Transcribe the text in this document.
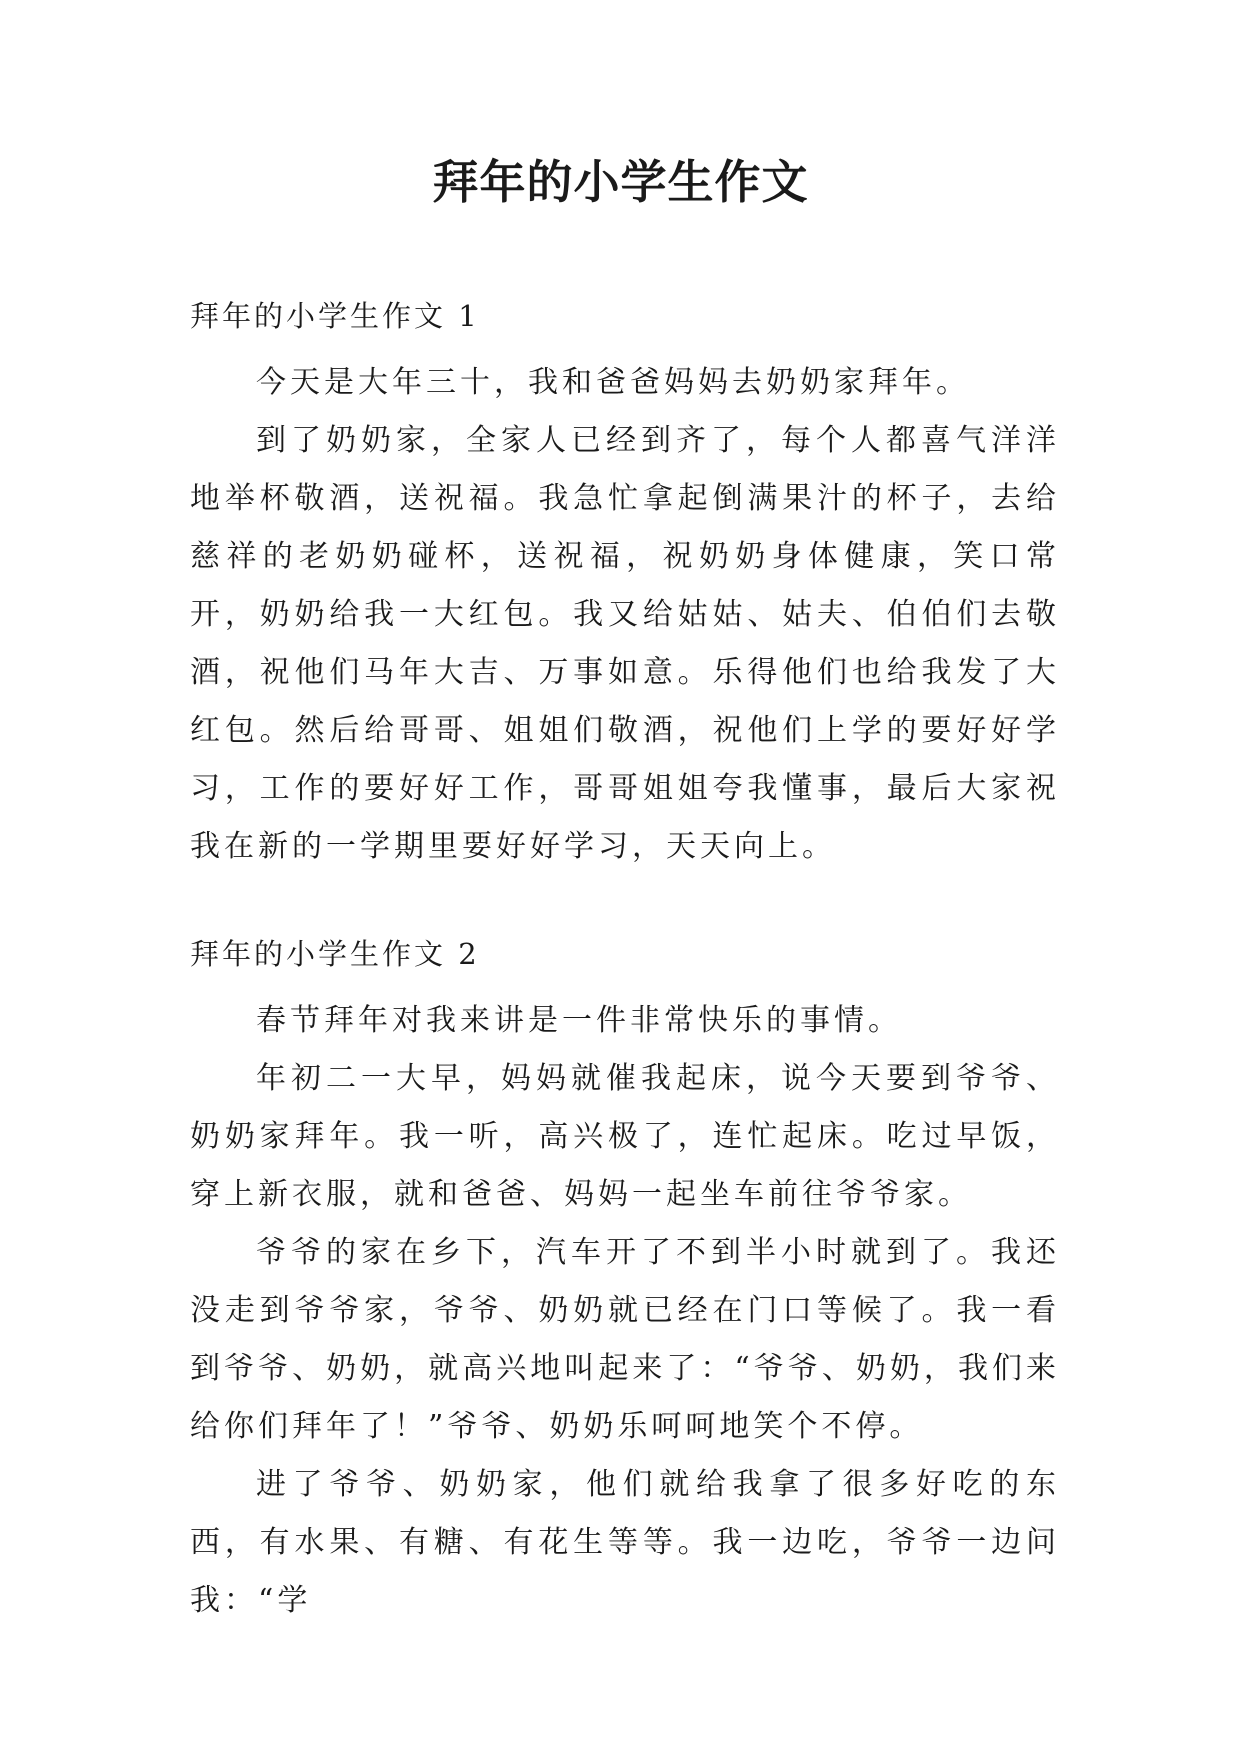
拜年的小学生作文
拜年的小学生作文 1

今天是大年三十，我和爸爸妈妈去奶奶家拜年。

到了奶奶家，全家人已经到齐了，每个人都喜气洋洋地举杯敬酒，送祝福。我急忙拿起倒满果汁的杯子，去给慈祥的老奶奶碰杯，送祝福，祝奶奶身体健康，笑口常开，奶奶给我一大红包。我又给姑姑、姑夫、伯伯们去敬酒，祝他们马年大吉、万事如意。乐得他们也给我发了大红包。然后给哥哥、姐姐们敬酒，祝他们上学的要好好学习，工作的要好好工作，哥哥姐姐夸我懂事，最后大家祝我在新的一学期里要好好学习，天天向上。

拜年的小学生作文 2

春节拜年对我来讲是一件非常快乐的事情。

年初二一大早，妈妈就催我起床，说今天要到爷爷、奶奶家拜年。我一听，高兴极了，连忙起床。吃过早饭，穿上新衣服，就和爸爸、妈妈一起坐车前往爷爷家。

爷爷的家在乡下，汽车开了不到半小时就到了。我还没走到爷爷家，爷爷、奶奶就已经在门口等候了。我一看到爷爷、奶奶，就高兴地叫起来了：“爷爷、奶奶，我们来给你们拜年了！”爷爷、奶奶乐呵呵地笑个不停。

进了爷爷、奶奶家，他们就给我拿了很多好吃的东西，有水果、有糖、有花生等等。我一边吃，爷爷一边问我：“学
